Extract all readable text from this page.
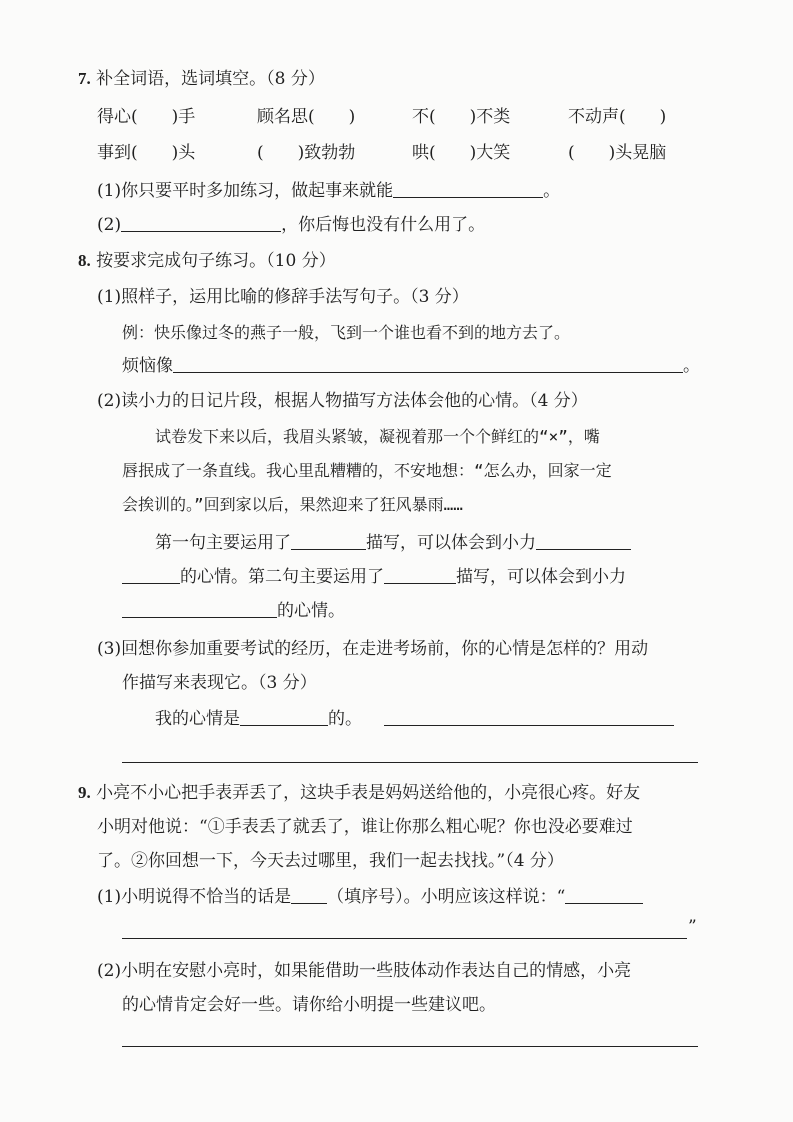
7. 补全词语，选词填空。（8 分）
得心(　　)手	顾名思(　　)	不(　　)不类	不动声(　　)
事到(　　)头	(　　)致勃勃	哄(　　)大笑	(　　)头晃脑
(1)你只要平时多加练习，做起事来就能	。
(2)	，你后悔也没有什么用了。
8. 按要求完成句子练习。（10 分）
(1)照样子，运用比喻的修辞手法写句子。（3 分）
例：快乐像过冬的燕子一般，飞到一个谁也看不到的地方去了。
烦恼像	。
(2)读小力的日记片段，根据人物描写方法体会他的心情。（4 分）
试卷发下来以后，我眉头紧皱，凝视着那一个个鲜红的“×”，嘴
唇抿成了一条直线。我心里乱糟糟的，不安地想：“怎么办，回家一定
会挨训的。”回到家以后，果然迎来了狂风暴雨……
第一句主要运用了	描写，可以体会到小力
的心情。第二句主要运用了	描写，可以体会到小力
的心情。
(3)回想你参加重要考试的经历，在走进考场前，你的心情是怎样的？用动
作描写来表现它。（3 分）
我的心情是	的。
9. 小亮不小心把手表弄丢了，这块手表是妈妈送给他的，小亮很心疼。好友
小明对他说：“①手表丢了就丢了，谁让你那么粗心呢？你也没必要难过
了。②你回想一下，今天去过哪里，我们一起去找找。”（4 分）
(1)小明说得不恰当的话是 （填序号）。小明应该这样说：“
”
(2)小明在安慰小亮时，如果能借助一些肢体动作表达自己的情感，小亮
的心情肯定会好一些。请你给小明提一些建议吧。
